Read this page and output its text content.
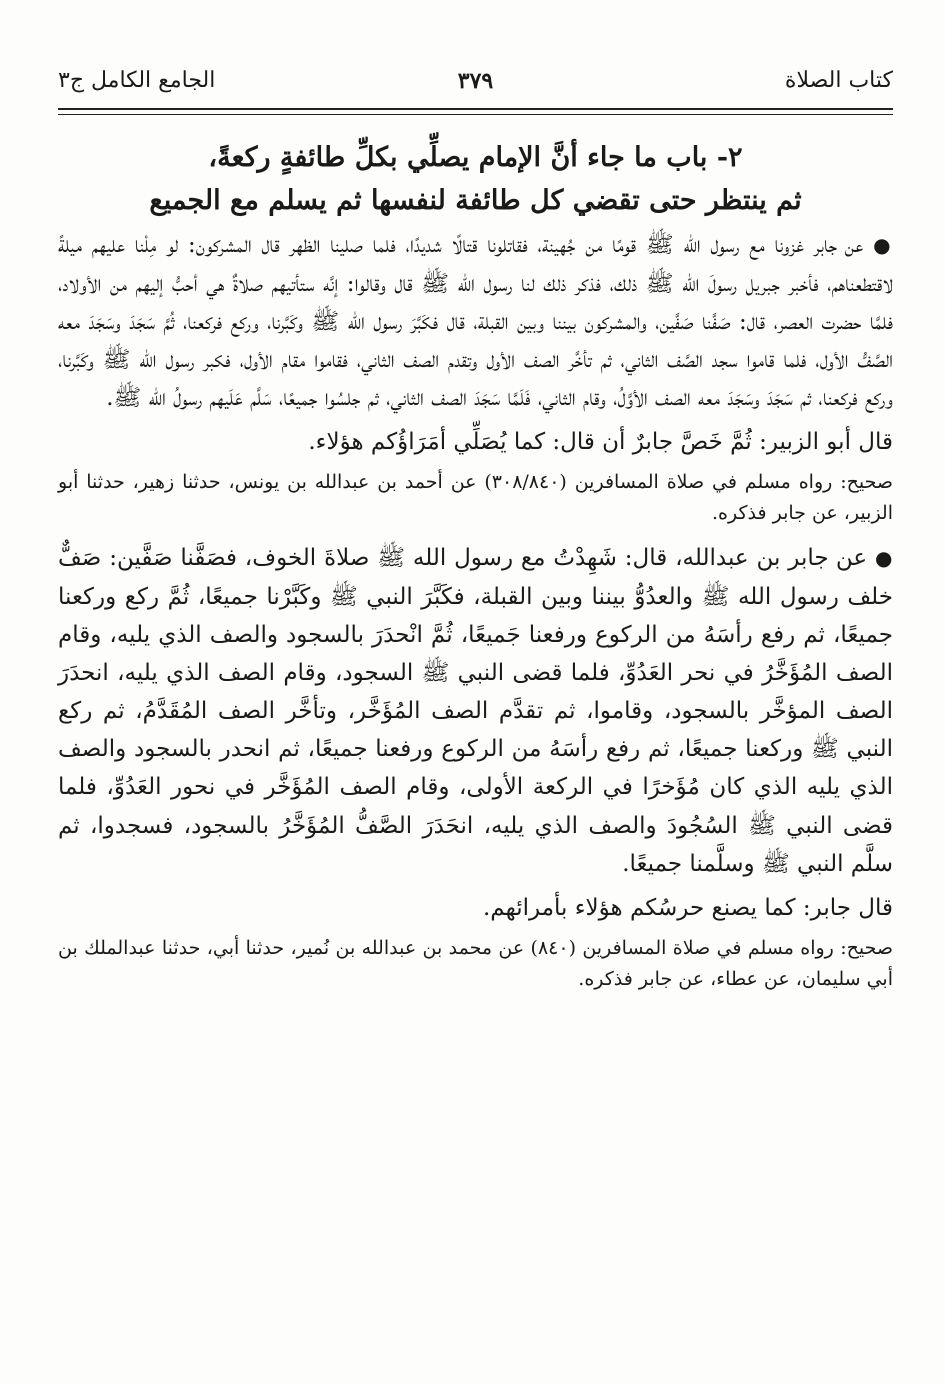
كتاب الصلاة
٣٧٩
الجامع الكامل ج٣
٢- باب ما جاء أنَّ الإمام يصلِّي بكلِّ طائفةٍ ركعةً،
ثم ينتظر حتى تقضي كل طائفة لنفسها ثم يسلم مع الجميع

● عن جابر غزونا مع رسول الله ﷺ قومًا من جُهينة، فقاتلونا قتالًا شديدًا، فلما صلينا الظهر قال المشركون: لو مِلْنا عليهم ميلةً لاقتطعناهم، فأخبر جبريل رسولَ الله ﷺ ذلك، فذكر ذلك لنا رسول الله ﷺ قال وقالوا: إنَّه ستأتيهم صلاةٌ هي أحبُّ إليهم من الأولاد، فلمَّا حضرت العصر، قال: صَفَّنا صَفَّين، والمشركون بيننا وبين القبلة، قال فكَبَّرَ رسول الله ﷺ وكَبَّرنا، وركع فركعنا، ثُمَّ سَجَدَ وسَجَدَ معه الصَّفُّ الأول، فلما قاموا سجد الصَّف الثاني، ثم تأخَّر الصف الأول وتقدم الصف الثاني، فقاموا مقام الأول، فكبر رسول الله ﷺ وكَبَّرنا، وركع فركعنا، ثم سَجَدَ وسَجَدَ معه الصف الأوَّلُ، وقام الثاني، فَلَمَّا سَجَدَ الصف الثاني، ثم جلسُوا جميعًا، سَلَّم عَلَيهم رسولُ الله ﷺ.

قال أبو الزبير: ثُمَّ خَصَّ جابرٌ أن قال: كما يُصَلِّي أمَرَاؤُكم هؤلاء.

صحيح: رواه مسلم في صلاة المسافرين (٣٠٨/٨٤٠) عن أحمد بن عبدالله بن يونس، حدثنا زهير، حدثنا أبو الزبير، عن جابر فذكره.

● عن جابر بن عبدالله، قال: شَهِدْتُ مع رسول الله ﷺ صلاةَ الخوف، فصَفَّنا صَفَّين: صَفٌّ خلف رسول الله ﷺ والعدُوُّ بيننا وبين القبلة، فكَبَّرَ النبي ﷺ وكَبَّرْنا جميعًا، ثُمَّ ركع وركعنا جميعًا، ثم رفع رأسَهُ من الركوع ورفعنا جَميعًا، ثُمَّ انْحدَرَ بالسجود والصف الذي يليه، وقام الصف المُؤَخَّرُ في نحر العَدُوِّ، فلما قضى النبي ﷺ السجود، وقام الصف الذي يليه، انحدَرَ الصف المؤخَّر بالسجود، وقاموا، ثم تقدَّم الصف المُؤَخَّر، وتأخَّر الصف المُقَدَّمُ، ثم ركع النبي ﷺ وركعنا جميعًا، ثم رفع رأسَهُ من الركوع ورفعنا جميعًا، ثم انحدر بالسجود والصف الذي يليه الذي كان مُؤَخرًا في الركعة الأولى، وقام الصف المُؤَخَّر في نحور العَدُوِّ، فلما قضى النبي ﷺ السُجُودَ والصف الذي يليه، انحَدَرَ الصَّفُّ المُؤَخَّرُ بالسجود، فسجدوا، ثم سلَّم النبي ﷺ وسلَّمنا جميعًا.

قال جابر: كما يصنع حرسُكم هؤلاء بأمرائهم.

صحيح: رواه مسلم في صلاة المسافرين (٨٤٠) عن محمد بن عبدالله بن نُمير، حدثنا أبي، حدثنا عبدالملك بن أبي سليمان، عن عطاء، عن جابر فذكره.
